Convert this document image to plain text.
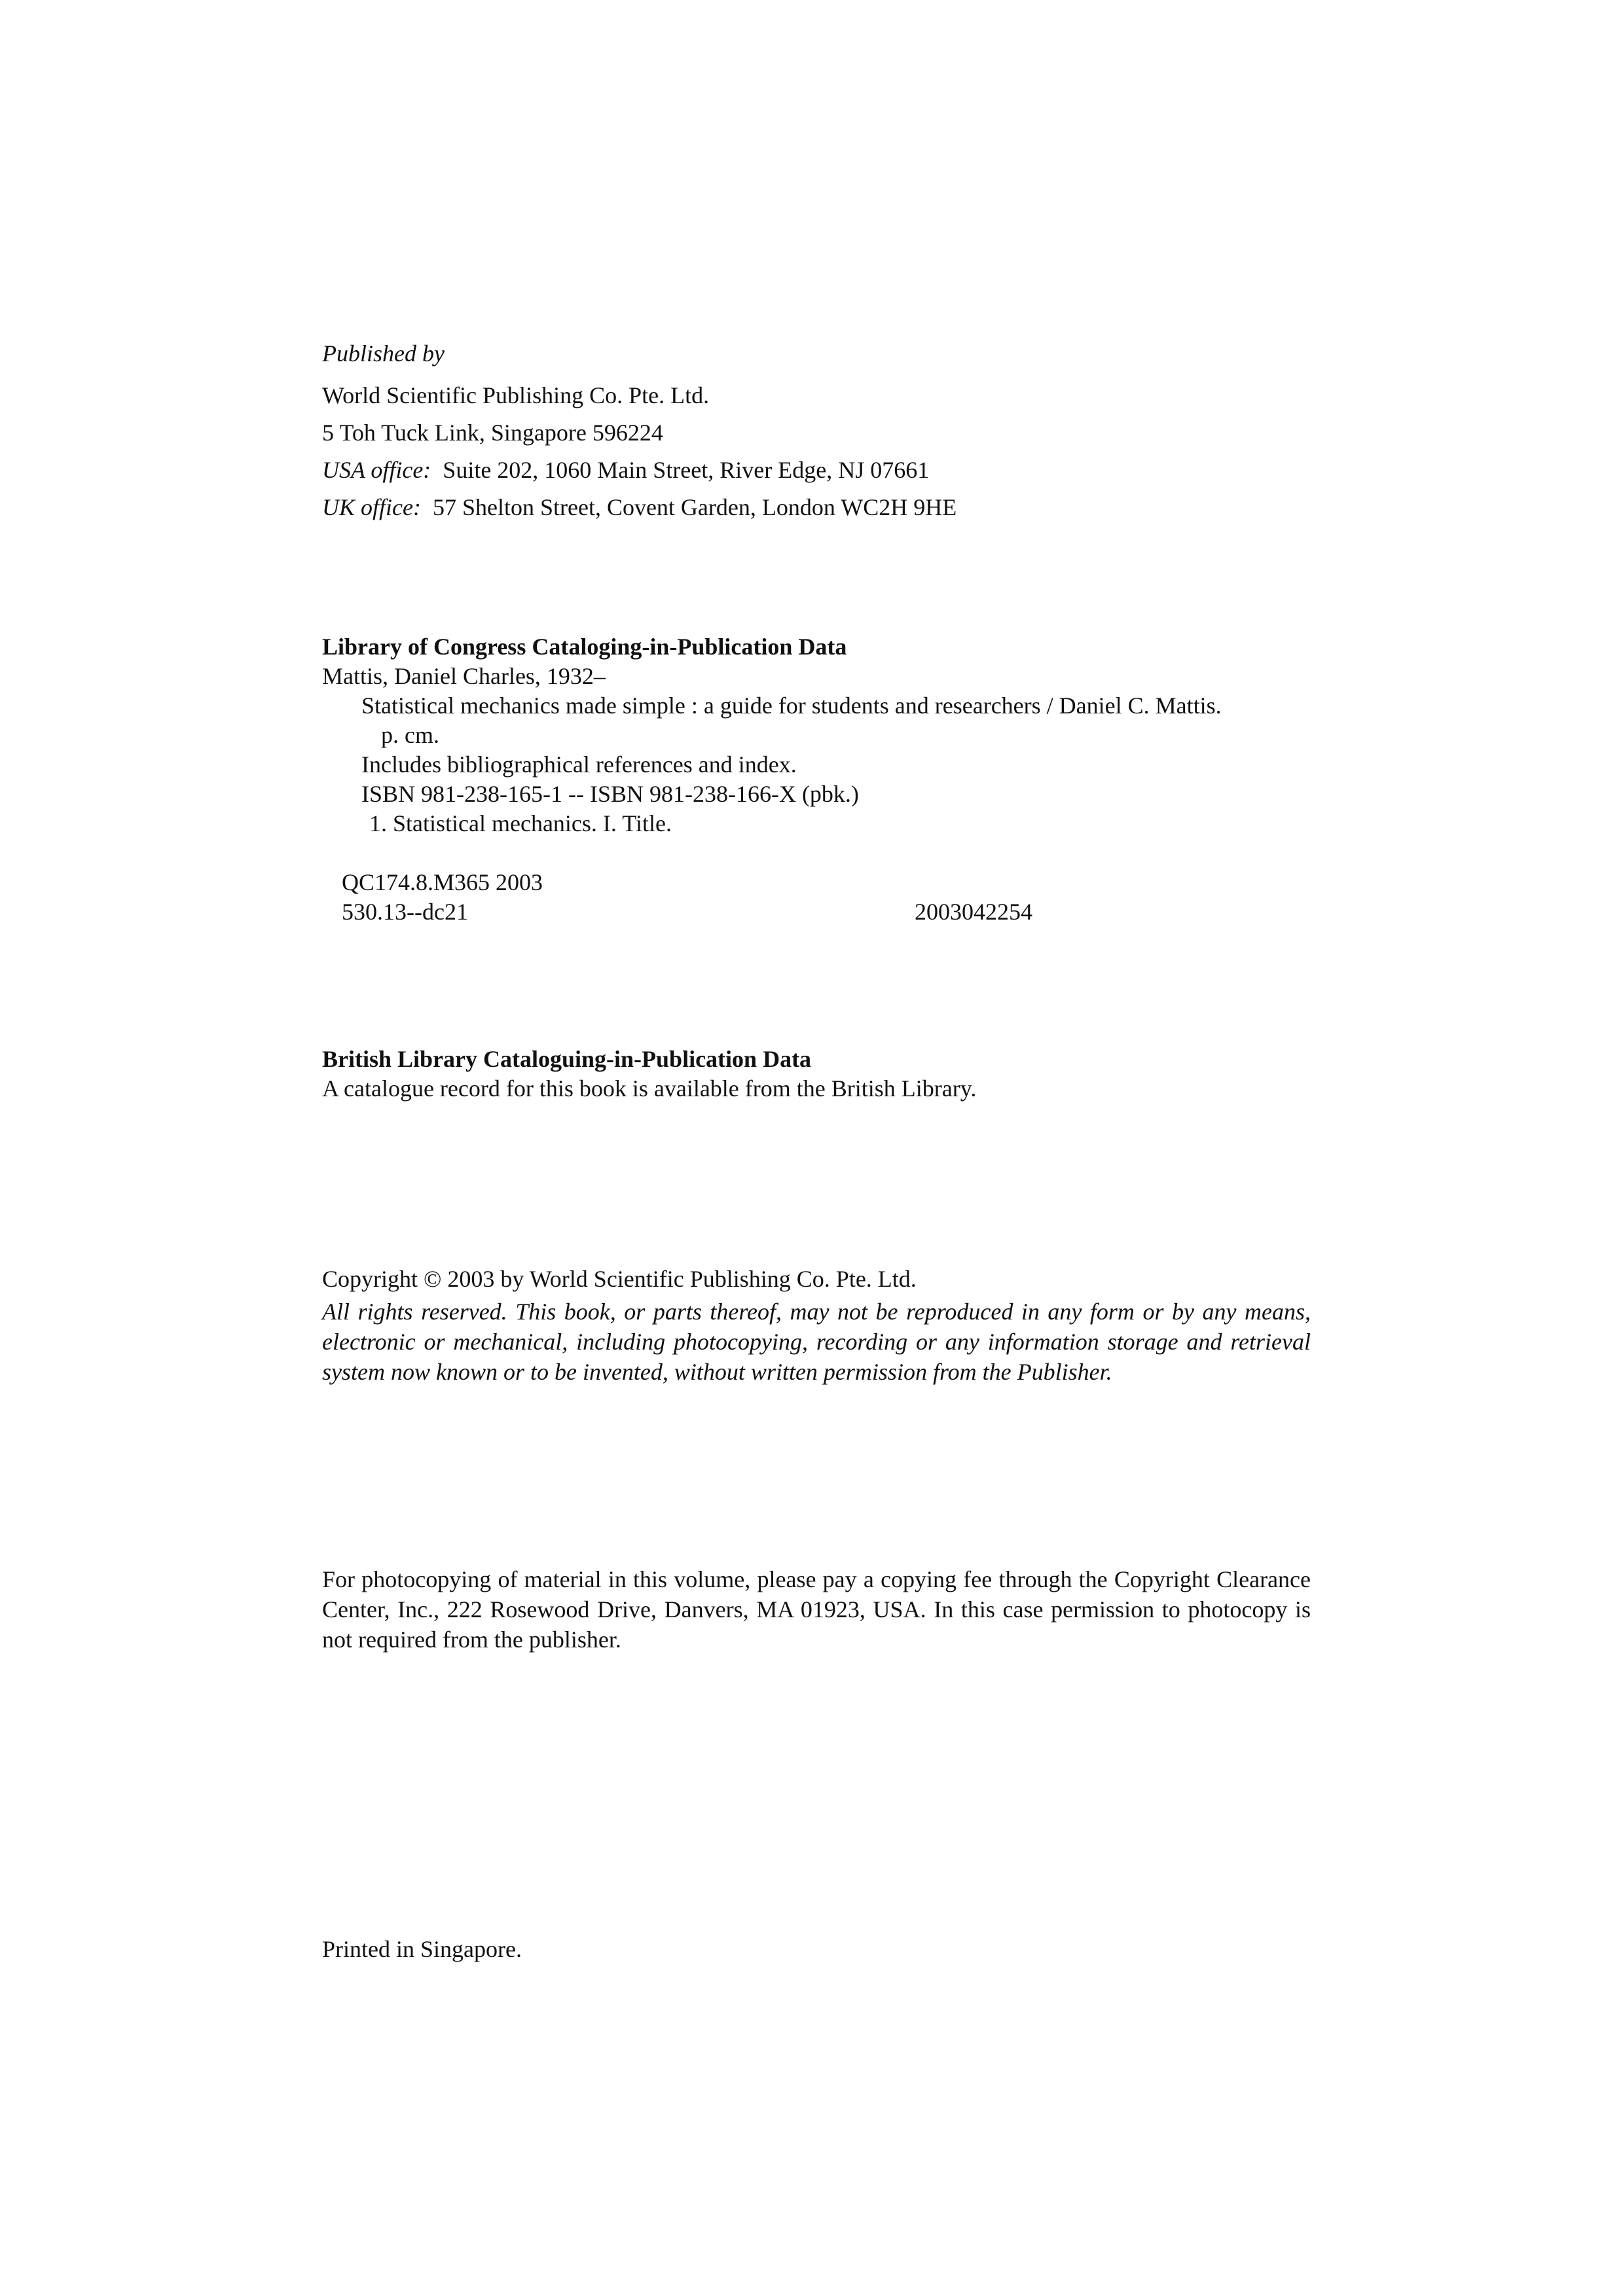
Published by
World Scientific Publishing Co. Pte. Ltd.
5 Toh Tuck Link, Singapore 596224
USA office: Suite 202, 1060 Main Street, River Edge, NJ 07661
UK office: 57 Shelton Street, Covent Garden, London WC2H 9HE
Library of Congress Cataloging-in-Publication Data
Mattis, Daniel Charles, 1932–
Statistical mechanics made simple : a guide for students and researchers / Daniel C. Mattis.
p. cm.
Includes bibliographical references and index.
ISBN 981-238-165-1 -- ISBN 981-238-166-X (pbk.)
1. Statistical mechanics. I. Title.
QC174.8.M365 2003
530.13--dc21	2003042254
British Library Cataloguing-in-Publication Data
A catalogue record for this book is available from the British Library.
Copyright © 2003 by World Scientific Publishing Co. Pte. Ltd.
All rights reserved. This book, or parts thereof, may not be reproduced in any form or by any means, electronic or mechanical, including photocopying, recording or any information storage and retrieval system now known or to be invented, without written permission from the Publisher.
For photocopying of material in this volume, please pay a copying fee through the Copyright Clearance Center, Inc., 222 Rosewood Drive, Danvers, MA 01923, USA. In this case permission to photocopy is not required from the publisher.
Printed in Singapore.
